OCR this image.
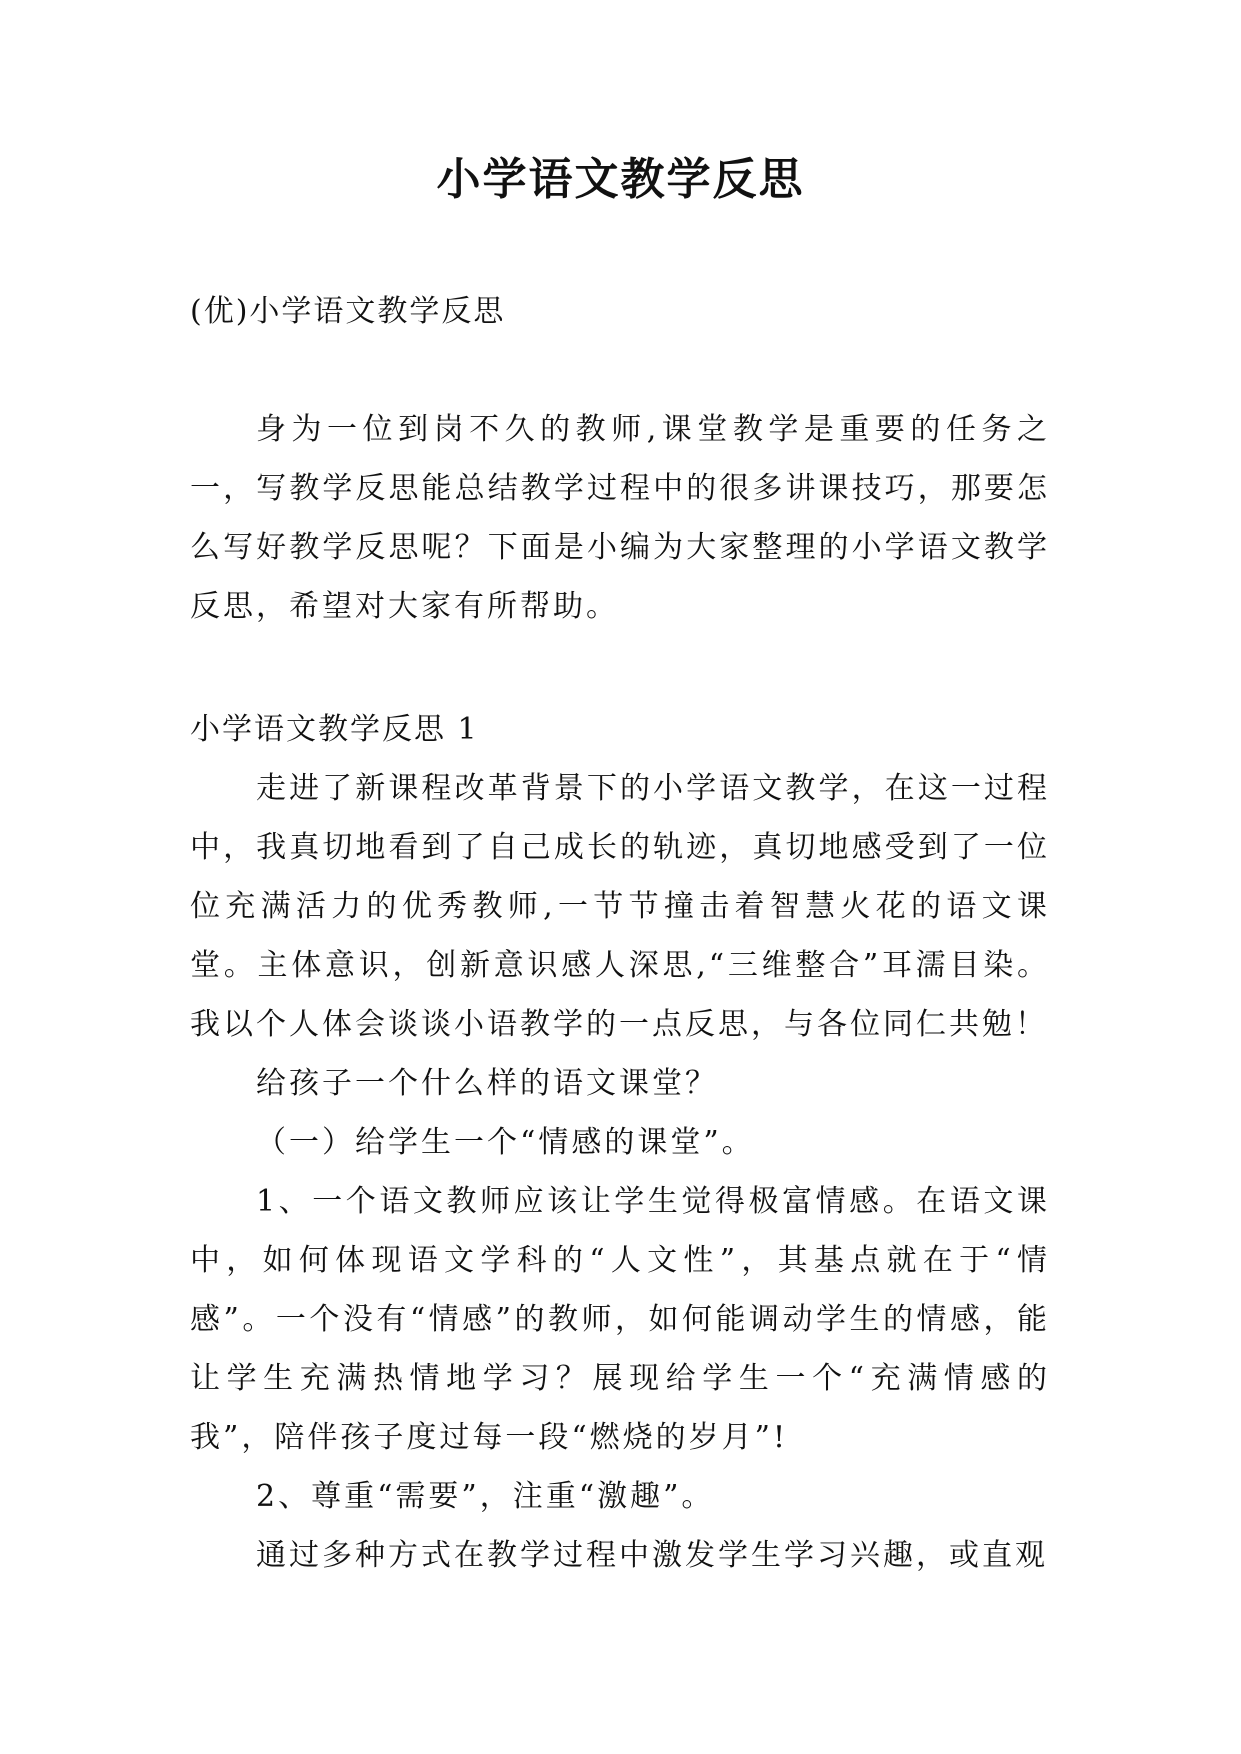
小学语文教学反思

(优)小学语文教学反思

身为一位到岗不久的教师,课堂教学是重要的任务之一，写教学反思能总结教学过程中的很多讲课技巧，那要怎么写好教学反思呢？下面是小编为大家整理的小学语文教学反思，希望对大家有所帮助。

小学语文教学反思 1

走进了新课程改革背景下的小学语文教学，在这一过程中，我真切地看到了自己成长的轨迹，真切地感受到了一位位充满活力的优秀教师,一节节撞击着智慧火花的语文课堂。主体意识，创新意识感人深思,“三维整合”耳濡目染。我以个人体会谈谈小语教学的一点反思，与各位同仁共勉！

给孩子一个什么样的语文课堂？

（一）给学生一个“情感的课堂”。

1、一个语文教师应该让学生觉得极富情感。在语文课中，如何体现语文学科的“人文性”，其基点就在于“情感”。一个没有“情感”的教师，如何能调动学生的情感，能让学生充满热情地学习？展现给学生一个“充满情感的我”，陪伴孩子度过每一段“燃烧的岁月”!

2、尊重“需要”，注重“激趣”。

通过多种方式在教学过程中激发学生学习兴趣，或直观
